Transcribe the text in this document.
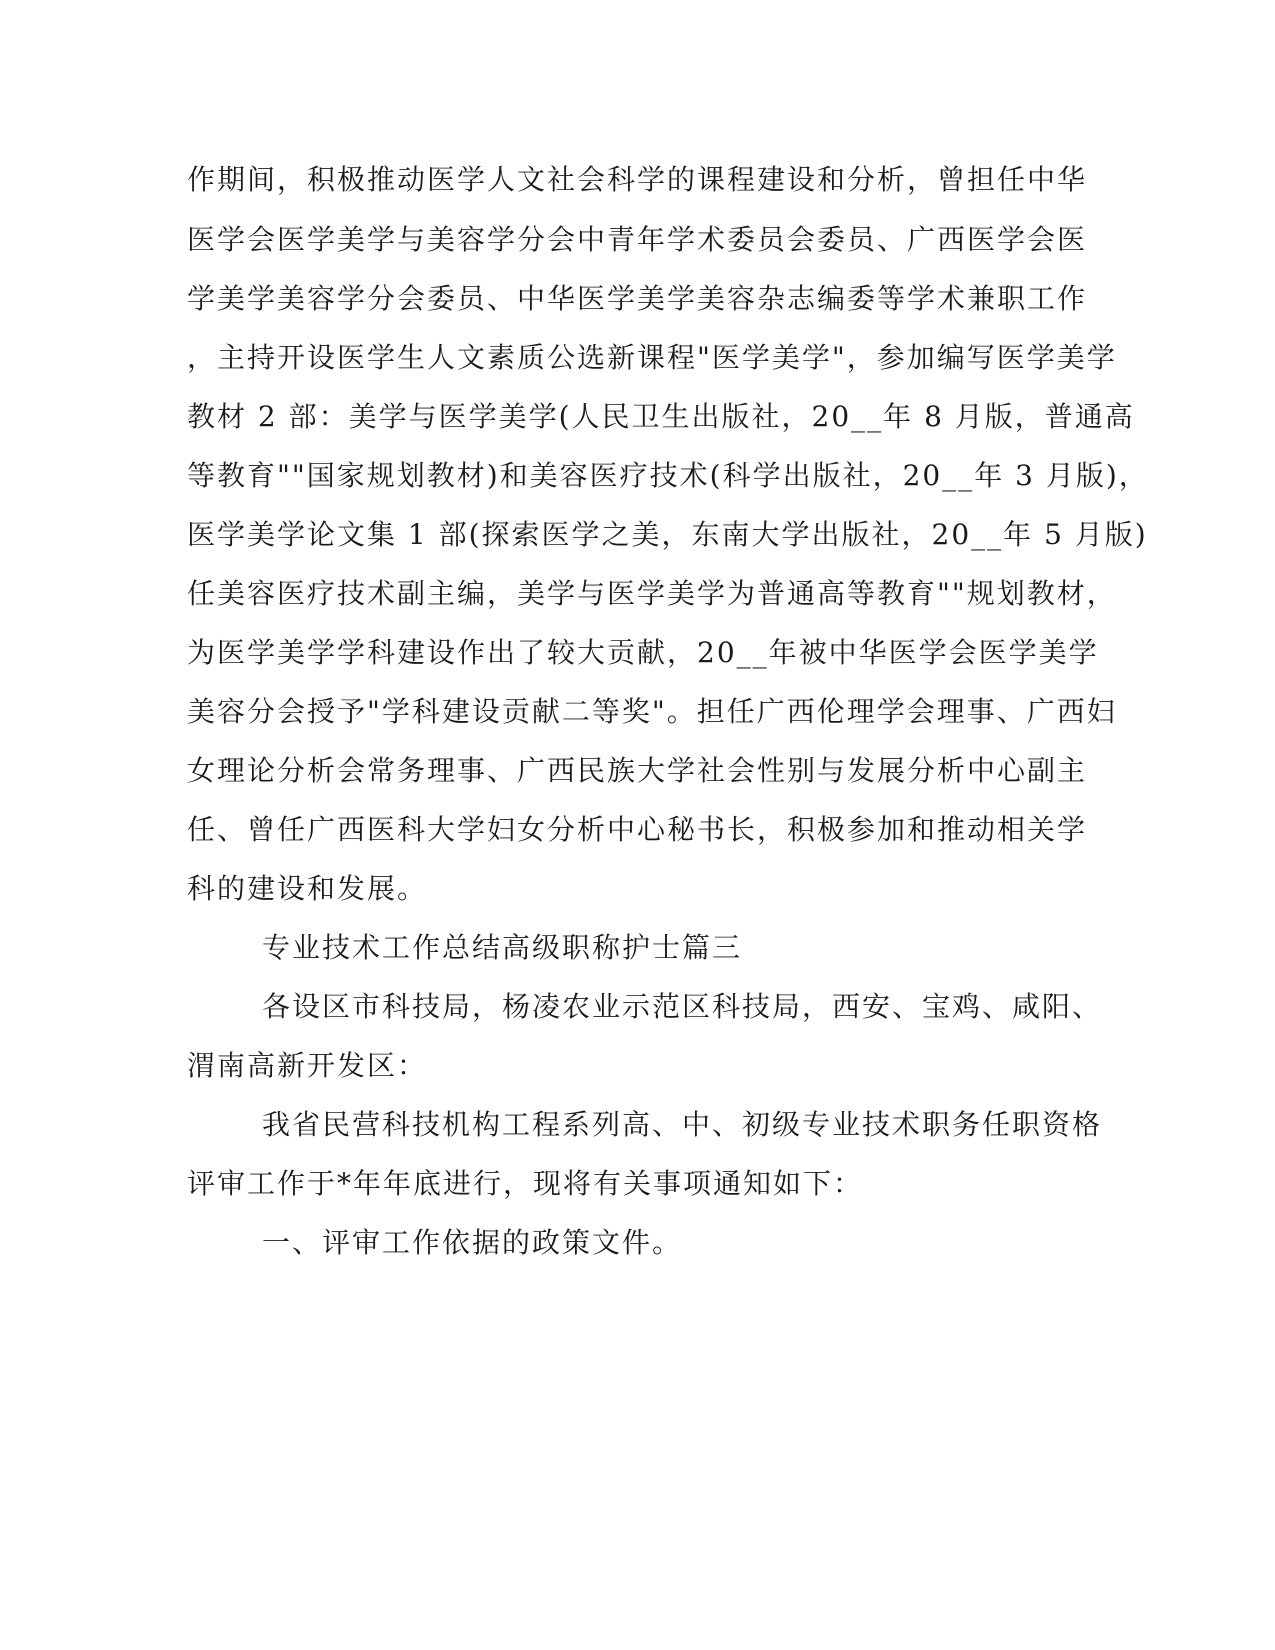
作期间，积极推动医学人文社会科学的课程建设和分析，曾担任中华
医学会医学美学与美容学分会中青年学术委员会委员、广西医学会医
学美学美容学分会委员、中华医学美学美容杂志编委等学术兼职工作
，主持开设医学生人文素质公选新课程"医学美学"，参加编写医学美学
教材 2 部：美学与医学美学(人民卫生出版社，20__年 8 月版，普通高
等教育""国家规划教材)和美容医疗技术(科学出版社，20__年 3 月版)，
医学美学论文集 1 部(探索医学之美，东南大学出版社，20__年 5 月版)
任美容医疗技术副主编，美学与医学美学为普通高等教育""规划教材，
为医学美学学科建设作出了较大贡献，20__年被中华医学会医学美学
美容分会授予"学科建设贡献二等奖"。担任广西伦理学会理事、广西妇
女理论分析会常务理事、广西民族大学社会性别与发展分析中心副主
任、曾任广西医科大学妇女分析中心秘书长，积极参加和推动相关学
科的建设和发展。
专业技术工作总结高级职称护士篇三
各设区市科技局，杨凌农业示范区科技局，西安、宝鸡、咸阳、
渭南高新开发区：
我省民营科技机构工程系列高、中、初级专业技术职务任职资格
评审工作于*年年底进行，现将有关事项通知如下：
一、评审工作依据的政策文件。
